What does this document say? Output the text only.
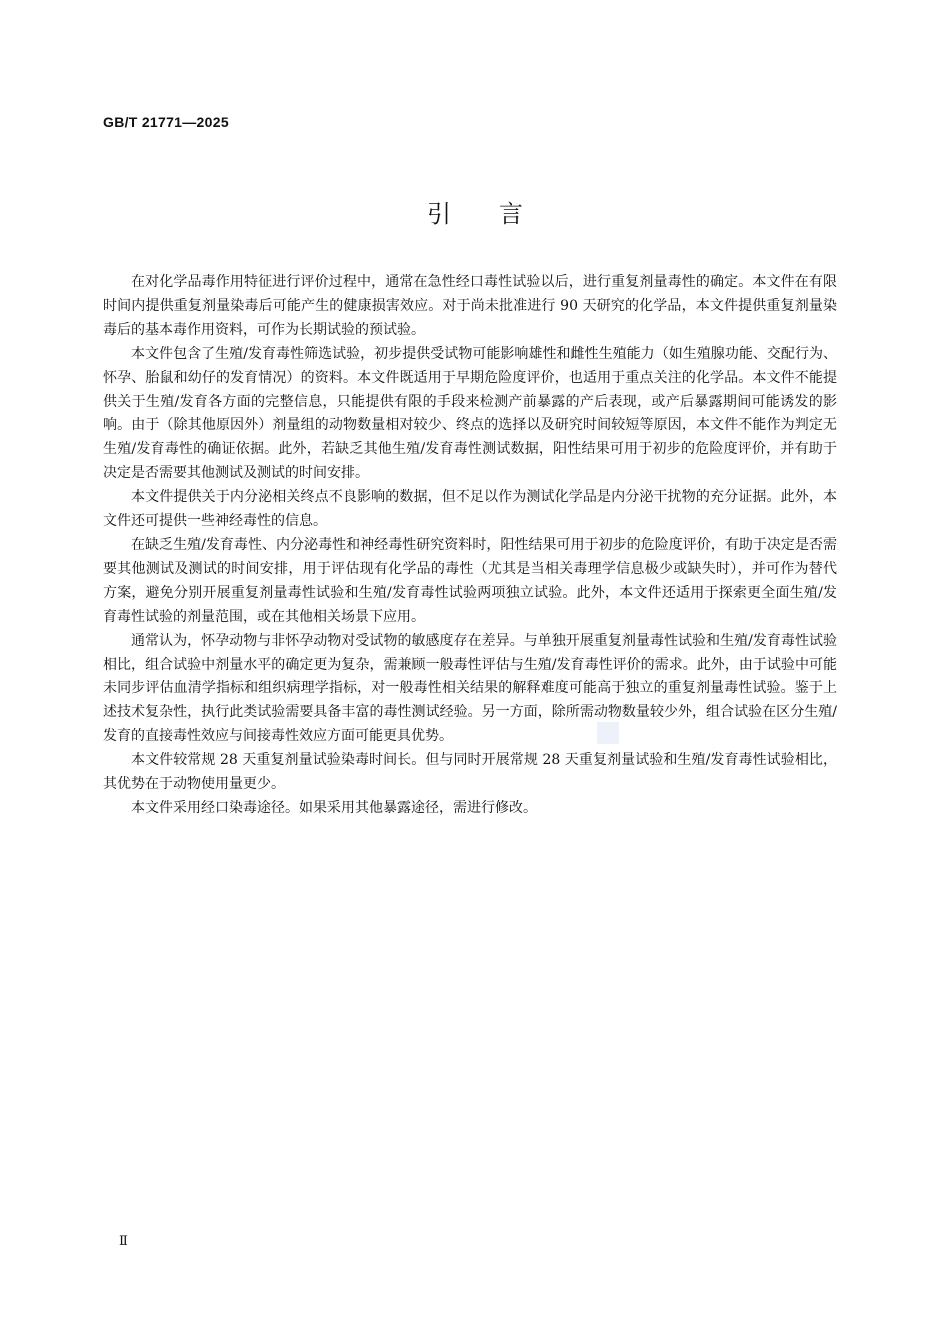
GB/T 21771—2025
引言

在对化学品毒作用特征进行评价过程中，通常在急性经口毒性试验以后，进行重复剂量毒性的确定。本文件在有限时间内提供重复剂量染毒后可能产生的健康损害效应。对于尚未批准进行 90 天研究的化学品，本文件提供重复剂量染毒后的基本毒作用资料，可作为长期试验的预试验。

本文件包含了生殖/发育毒性筛选试验，初步提供受试物可能影响雄性和雌性生殖能力（如生殖腺功能、交配行为、怀孕、胎鼠和幼仔的发育情况）的资料。本文件既适用于早期危险度评价，也适用于重点关注的化学品。本文件不能提供关于生殖/发育各方面的完整信息，只能提供有限的手段来检测产前暴露的产后表现，或产后暴露期间可能诱发的影响。由于（除其他原因外）剂量组的动物数量相对较少、终点的选择以及研究时间较短等原因，本文件不能作为判定无生殖/发育毒性的确证依据。此外，若缺乏其他生殖/发育毒性测试数据，阳性结果可用于初步的危险度评价，并有助于决定是否需要其他测试及测试的时间安排。

本文件提供关于内分泌相关终点不良影响的数据，但不足以作为测试化学品是内分泌干扰物的充分证据。此外，本文件还可提供一些神经毒性的信息。

在缺乏生殖/发育毒性、内分泌毒性和神经毒性研究资料时，阳性结果可用于初步的危险度评价，有助于决定是否需要其他测试及测试的时间安排，用于评估现有化学品的毒性（尤其是当相关毒理学信息极少或缺失时），并可作为替代方案，避免分别开展重复剂量毒性试验和生殖/发育毒性试验两项独立试验。此外，本文件还适用于探索更全面生殖/发育毒性试验的剂量范围，或在其他相关场景下应用。

通常认为，怀孕动物与非怀孕动物对受试物的敏感度存在差异。与单独开展重复剂量毒性试验和生殖/发育毒性试验相比，组合试验中剂量水平的确定更为复杂，需兼顾一般毒性评估与生殖/发育毒性评价的需求。此外，由于试验中可能未同步评估血清学指标和组织病理学指标，对一般毒性相关结果的解释难度可能高于独立的重复剂量毒性试验。鉴于上述技术复杂性，执行此类试验需要具备丰富的毒性测试经验。另一方面，除所需动物数量较少外，组合试验在区分生殖/发育的直接毒性效应与间接毒性效应方面可能更具优势。

本文件较常规 28 天重复剂量试验染毒时间长。但与同时开展常规 28 天重复剂量试验和生殖/发育毒性试验相比，其优势在于动物使用量更少。

本文件采用经口染毒途径。如果采用其他暴露途径，需进行修改。

Ⅱ
